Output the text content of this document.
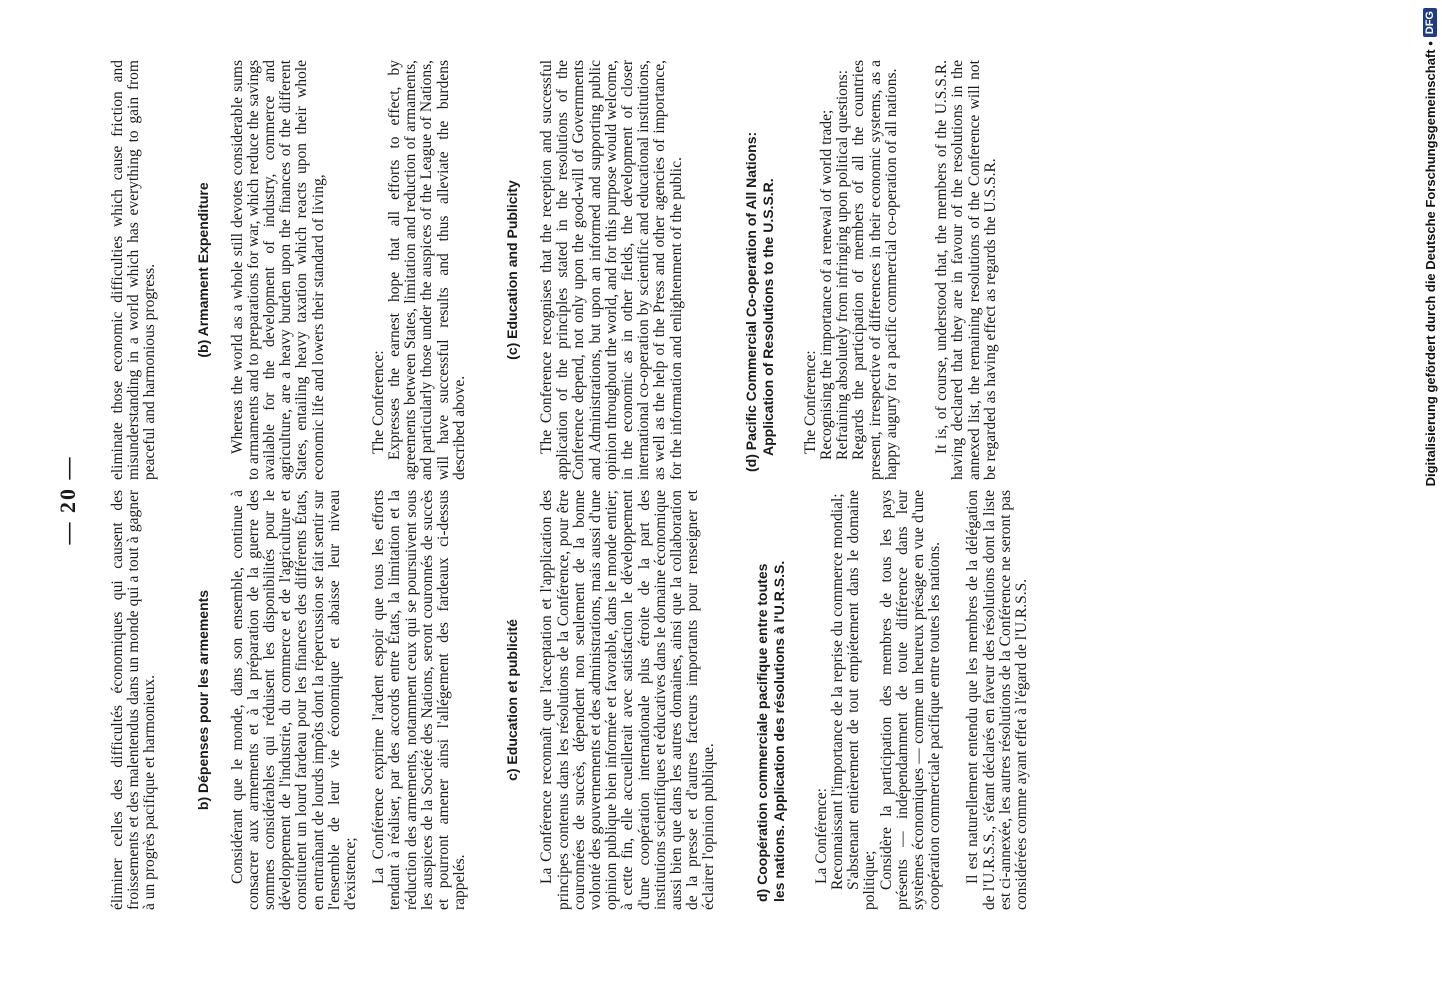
— 20 — éliminer celles des difficultés économiques qui causent des froissements et des malentendus dans un monde qui a tout à gagner à un progrès pacifique et harmonieux.	b) Dépenses pour les armements Considérant que le monde, dans son ensemble, continue à consacrer aux armements et à la préparation de la guerre des sommes considérables qui réduisent les disponibilités pour le développement de l'industrie, du commerce et de l'agriculture et constituent un lourd fardeau pour les finances des différents États, en entraînant de lourds impôts dont la répercussion se fait sentir sur l'ensemble de leur vie économique et abaisse leur niveau d'existence; La Conférence exprime l'ardent espoir que tous les efforts tendant à réaliser, par des accords entre États, la limitation et la réduction des armements, notamment ceux qui se poursuivent sous les auspices de la Société des Nations, seront couronnés de succès et pourront amener ainsi l'allégement des fardeaux ci-dessus rappelés.

c) Education et publicité La Conférence reconnaît que l'acceptation et l'application des principes contenus dans les résolutions de la Conférence, pour être couronnées de succès, dépendent non seulement de la bonne volonté des gouvernements et des administrations, mais aussi d'une opinion publique bien informée et favorable, dans le monde entier; à cette fin, elle accueillerait avec satisfaction le développement d'une coopération internationale plus étroite de la part des institutions scientifiques et éducatives dans le domaine économique aussi bien que dans les autres domaines, ainsi que la collaboration de la presse et d'autres facteurs importants pour renseigner et éclairer l'opinion publique.	d) Coopération commerciale pacifique entre toutes les nations. Application des résolutions à l'U.R.S.S. La Conférence: Reconnaissant l'importance de la reprise du commerce mondial; S'abstenant entièrement de tout empiétement dans le domaine politique; Considère la participation des membres de tous les pays présents — indépendamment de toute différence dans leur systèmes économiques — comme un heureux présage en vue d'une coopération commerciale pacifique entre toutes les nations. Il est naturellement entendu que les membres de la délégation de l'U.R.S.S., s'étant déclarés en faveur des résolutions dont la liste est ci-annexée, les autres résolutions de la Conférence ne seront pas considérées comme ayant effet à l'égard de l'U.R.S.S.

eliminate those economic difficulties which cause friction and misunderstanding in a world which has everything to gain from peaceful and harmonious progress.	(b) Armament Expenditure Whereas the world as a whole still devotes considerable sums to armaments and to preparations for war, which reduce the savings available for the development of industry, commerce and agriculture, are a heavy burden upon the finances of the different States, entailing heavy taxation which reacts upon their whole economic life and lowers their standard of living,	The Conference: Expresses the earnest hope that all efforts to effect, by agreements between States, limitation and reduction of armaments, and particularly those under the auspices of the League of Nations, will have successful results and thus alleviate the burdens described above.

(c) Education and Publicity The Conference recognises that the reception and successful application of the principles stated in the resolutions of the Conference depend, not only upon the good-will of Governments and Administrations, but upon an informed and supporting public opinion throughout the world, and for this purpose would welcome, in the economic as in other fields, the development of closer international co-operation by scientific and educational institutions, as well as the help of the Press and other agencies of importance, for the information and enlightenment of the public.	(d) Pacific Commercial Co-operation of All Nations: Application of Resolutions to the U.S.S.R. The Conference: Recognising the importance of a renewal of world trade; Refraining absolutely from infringing upon political questions: Regards the participation of members of all the countries present, irrespective of differences in their economic systems, as a happy augury for a pacific commercial co-operation of all nations. It is, of course, understood that, the members of the U.S.S.R. having declared that they are in favour of the resolutions in the annexed list, the remaining resolutions of the Conference will not be regarded as having effect as regards the U.S.S.R.	Digitalisierung gefördert durch die Deutsche Forschungsgemeinschaft •
DFG
